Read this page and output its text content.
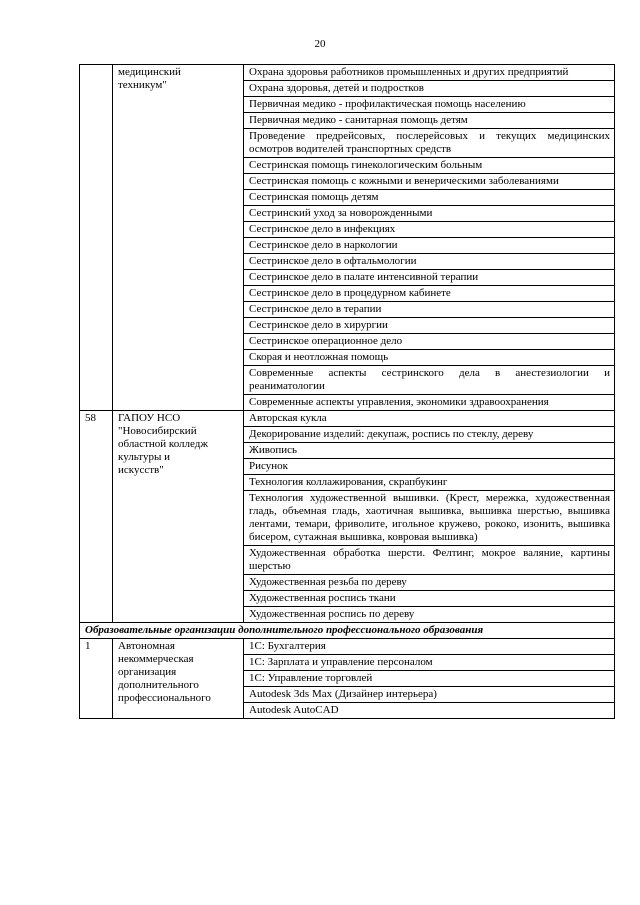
20
	медицинский
техникум"	Охрана здоровья работников промышленных и других предприятий
		Охрана здоровья, детей и подростков
		Первичная медико - профилактическая помощь населению
		Первичная медико - санитарная помощь детям
		Проведение предрейсовых, послерейсовых и текущих медицинских осмотров водителей транспортных средств
		Сестринская помощь гинекологическим больным
		Сестринская помощь с кожными и венерическими заболеваниями
		Сестринская помощь детям
		Сестринский уход за новорожденными
		Сестринское дело в инфекциях
		Сестринское дело в наркологии
		Сестринское дело в офтальмологии
		Сестринское дело в палате интенсивной терапии
		Сестринское дело в процедурном кабинете
		Сестринское дело в терапии
		Сестринское дело в хирургии
		Сестринское операционное дело
		Скорая и неотложная помощь
		Современные аспекты сестринского дела в анестезиологии и реаниматологии
		Современные аспекты управления, экономики здравоохранения
58	ГАПОУ НСО
"Новосибирский
областной колледж
культуры и
искусств"	Авторская кукла
		Декорирование изделий: декупаж, роспись по стеклу, дереву
		Живопись
		Рисунок
		Технология коллажирования, скрапбукинг
		Технология художественной вышивки. (Крест, мережка, художественная гладь, объемная гладь, хаотичная вышивка, вышивка шерстью, вышивка лентами, темари, фриволите, игольное кружево, рококо, изонить, вышивка бисером, сутажная вышивка, ковровая вышивка)
		Художественная обработка шерсти. Фелтинг, мокрое валяние, картины шерстью
		Художественная резьба по дереву
		Художественная роспись ткани
		Художественная роспись по дереву
Образовательные организации дополнительного профессионального образования		
1	Автономная
некоммерческая
организация
дополнительного
профессионального	1С: Бухгалтерия
		1С: Зарплата и управление персоналом
		1С: Управление торговлей
		Autodesk 3ds Max (Дизайнер интерьера)
		Autodesk AutoCAD
